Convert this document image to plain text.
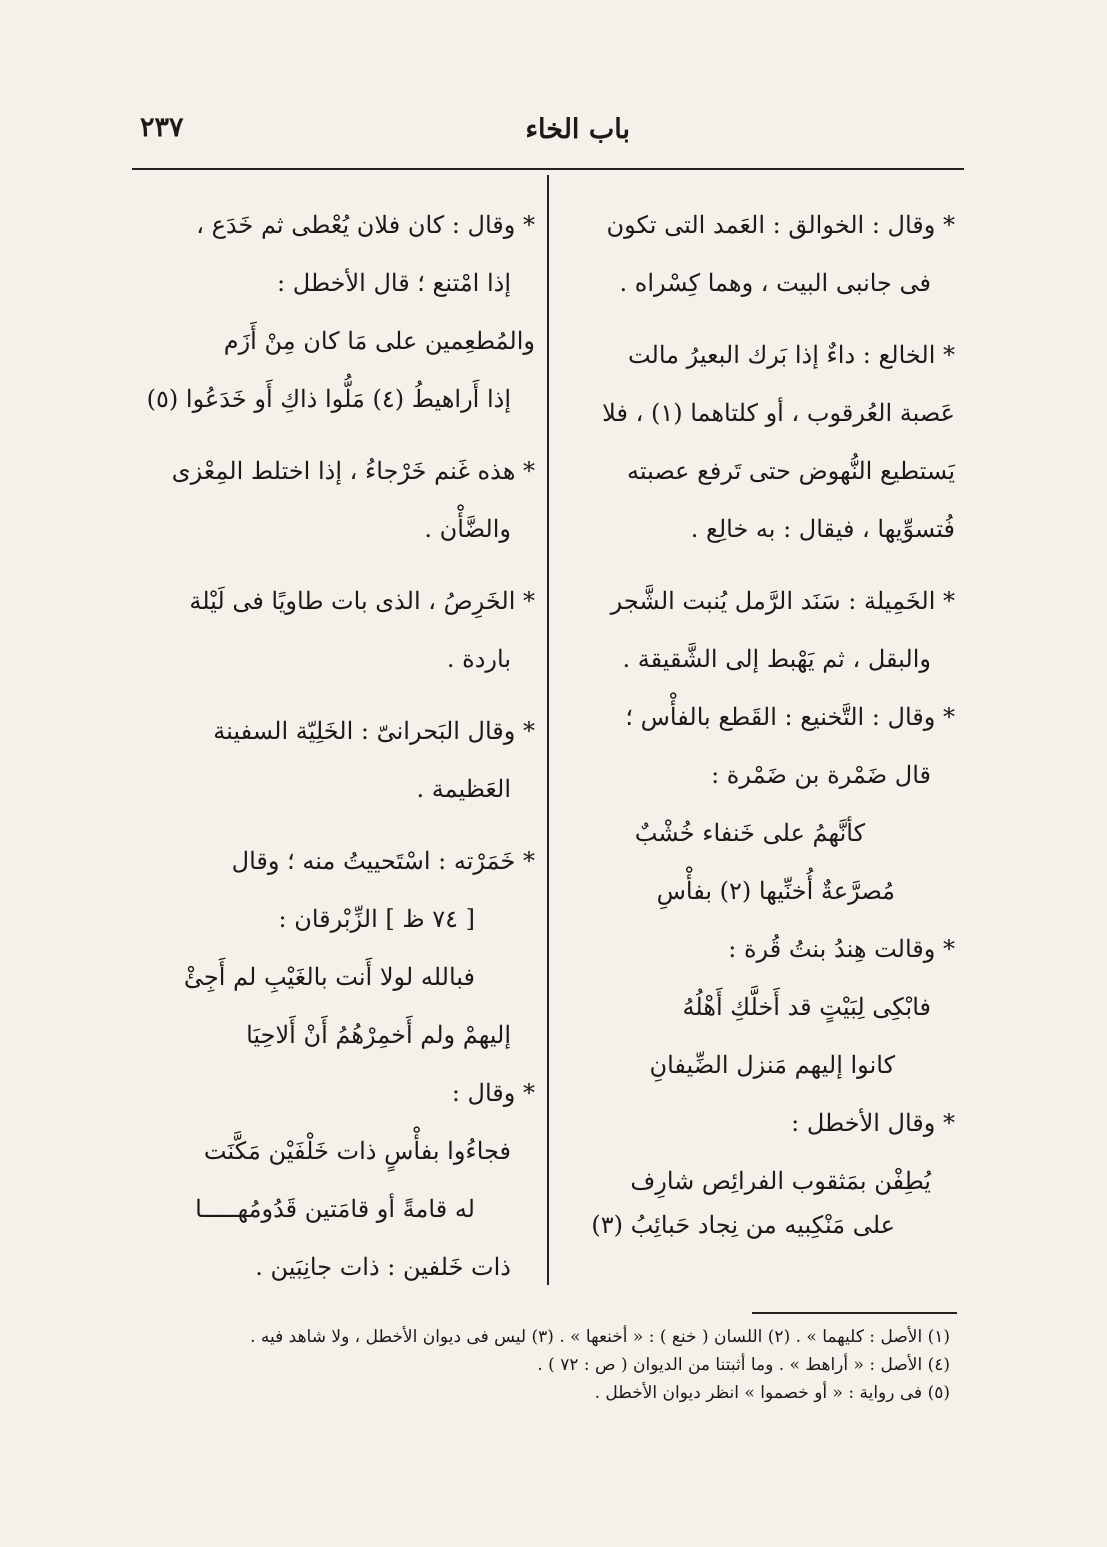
باب الخاء
٢٣٧
* وقال : الخوالق : العَمد التى تكون
فى جانبى البيت ، وهما كِسْراه .
* الخالع : داءٌ إذا بَرك البعيرُ مالت
عَصبة العُرقوب ، أو كلتاهما (١) ، فلا
يَستطيع النُّهوض حتى تَرفع عصبته
فُتسوِّيها ، فيقال : به خالِع .
* الخَمِيلة : سَنَد الرَّمل يُنبت الشَّجر
والبقل ، ثم يَهْبط إلى الشَّقيقة .
* وقال : التَّخنيع : القَطع بالفأْس ؛
قال ضَمْرة بن ضَمْرة :
كأنَّهمُ على خَنفاء خُشْبٌ
مُصرَّعةٌ أُخنِّيها (٢) بفأْسِ
* وقالت هِندُ بنتُ قُرة :
فابْكِى لِبَيْتٍ قد أَخلَّكِ أَهْلُهُ
كانوا إليهم مَنزل الضِّيفانِ
* وقال الأخطل :
يُطِفْن بمَثقوب الفرائِص شارِف
على مَنْكِبيه من نِجاد حَبائِبُ (٣)
* وقال : كان فلان يُعْطى ثم خَدَع ،
إذا امْتنع ؛ قال الأخطل :
والمُطعِمين على مَا كان مِنْ أَزَم
إذا أَراهيطُ (٤) مَلُّوا ذاكِ أَو خَدَعُوا (٥)
* هذه غَنم خَرْجاءُ ، إذا اختلط المِعْزى
والضَّأْن .
* الخَرِصُ ، الذى بات طاويًا فى لَيْلة
باردة .
* وقال البَحرانىّ : الخَلِيّة السفينة
العَظيمة .
* خَمَرْته : اسْتَحييتُ منه ؛ وقال
[ ٧٤ ظ ] الزِّبْرقان :
فبالله لولا أَنت بالغَيْبِ لم أَجِئْ
إليهمْ ولم أَخمِرْهُمُ أَنْ أَلاحِيَا
* وقال :
فجاءُوا بفأْسٍ ذات خَلْفَيْن مَكَّنَت
له قامةً أو قامَتين قَدُومُهـــــا
ذات خَلفين : ذات جانِبَين .
(١) الأصل : كليهما » . (٢) اللسان ( خنع ) : « أخنعها » . (٣) ليس فى ديوان الأخطل ، ولا شاهد فيه .
(٤) الأصل : « أراهط » . وما أثبتنا من الديوان ( ص : ٧٢ ) .
(٥) فى رواية : « أو خصموا » انظر ديوان الأخطل .
